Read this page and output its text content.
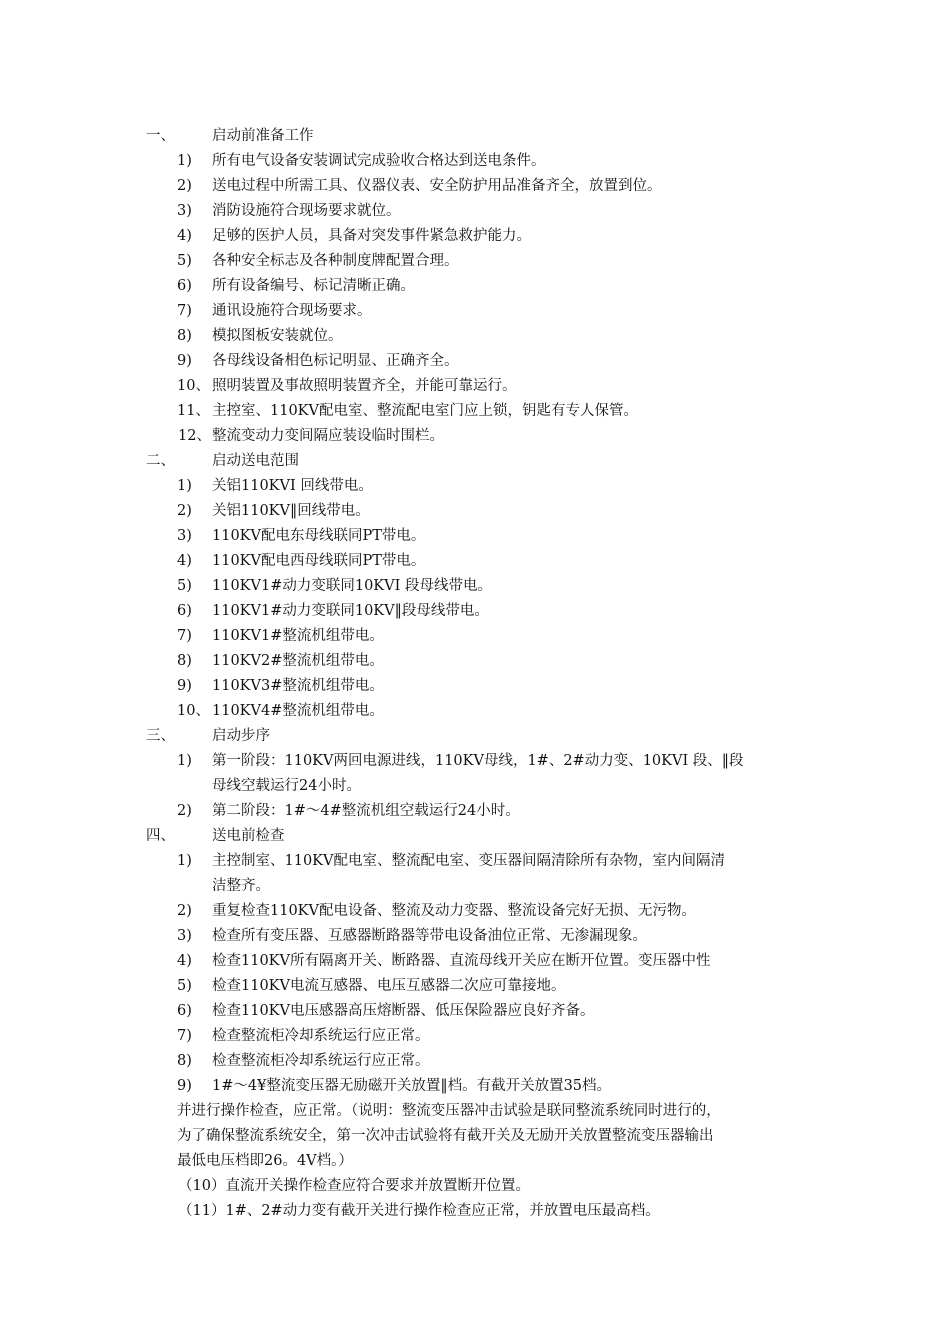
一、	启动前准备工作
1) 所有电气设备安装调试完成验收合格达到送电条件。
2) 送电过程中所需工具、仪器仪表、安全防护用品准备齐全，放置到位。
3) 消防设施符合现场要求就位。
4) 足够的医护人员，具备对突发事件紧急救护能力。
5) 各种安全标志及各种制度牌配置合理。
6) 所有设备编号、标记清晰正确。
7) 通讯设施符合现场要求。
8) 模拟图板安装就位。
9) 各母线设备相色标记明显、正确齐全。
10、 照明装置及事故照明装置齐全，并能可靠运行。
11、 主控室、110KV配电室、整流配电室门应上锁，钥匙有专人保管。
12、 整流变动力变间隔应装设临时围栏。
二、	启动送电范围
1) 关铝110KVⅠ 回线带电。
2) 关铝110KV‖回线带电。
3) 110KV配电东母线联同PT带电。
4) 110KV配电西母线联同PT带电。
5) 110KV1#动力变联同10KVⅠ 段母线带电。
6) 110KV1#动力变联同10KV‖段母线带电。
7) 110KV1#整流机组带电。
8) 110KV2#整流机组带电。
9) 110KV3#整流机组带电。
10、 110KV4#整流机组带电。
三、	启动步序
1) 第一阶段：110KV两回电源进线，110KV母线，1#、2#动力变、10KVⅠ 段、‖段
母线空载运行24小时。
2) 第二阶段：1#～4#整流机组空载运行24小时。
四、	送电前检查
1) 主控制室、110KV配电室、整流配电室、变压器间隔清除所有杂物，室内间隔清
洁整齐。
2) 重复检查110KV配电设备、整流及动力变器、整流设备完好无损、无污物。
3) 检查所有变压器、互感器断路器等带电设备油位正常、无渗漏现象。
4) 检查110KV所有隔离开关、断路器、直流母线开关应在断开位置。变压器中性
5) 检查110KV电流互感器、电压互感器二次应可靠接地。
6) 检查110KV电压感器高压熔断器、低压保险器应良好齐备。
7) 检查整流柜冷却系统运行应正常。
8) 检查整流柜冷却系统运行应正常。
9) 1#～4¥整流变压器无励磁开关放置‖档。有截开关放置35档。
并进行操作检查，应正常。（说明：整流变压器冲击试验是联同整流系统同时进行的，
为了确保整流系统安全，第一次冲击试验将有截开关及无励开关放置整流变压器输出
最低电压档即26。4V档。）
（10）直流开关操作检查应符合要求并放置断开位置。
（11）1#、2#动力变有截开关进行操作检查应正常，并放置电压最高档。
